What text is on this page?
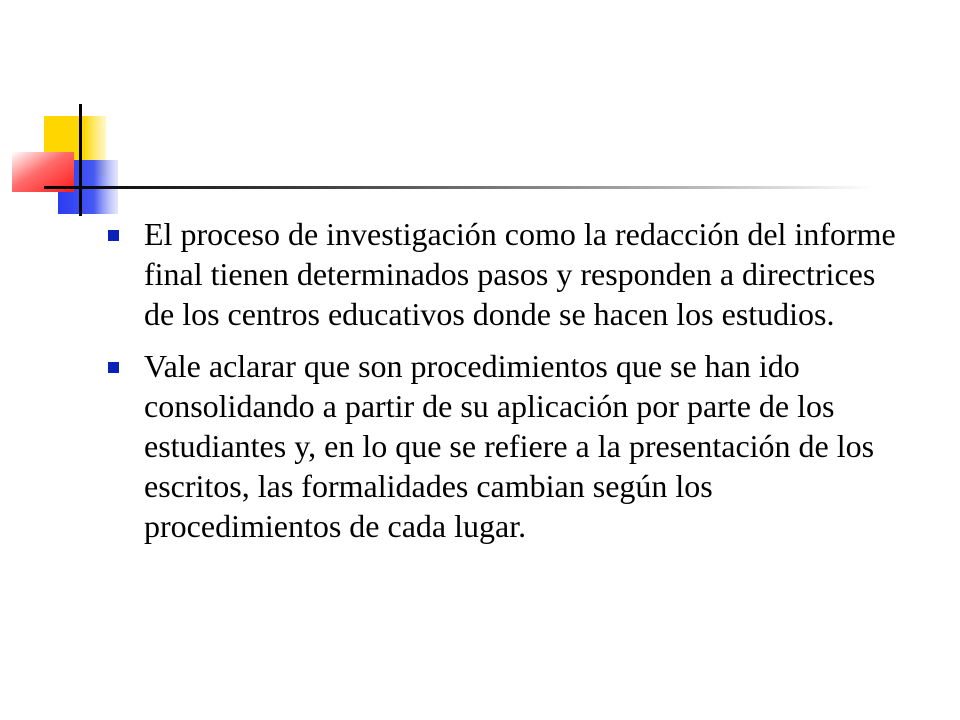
El proceso de investigación como la redacción del informe final tienen determinados pasos y responden a directrices de los centros educativos donde se hacen los estudios.
Vale aclarar que son procedimientos que se han ido consolidando a partir de su aplicación por parte de los estudiantes y, en lo que se refiere a la presentación de los escritos, las formalidades cambian según los procedimientos de cada lugar.
